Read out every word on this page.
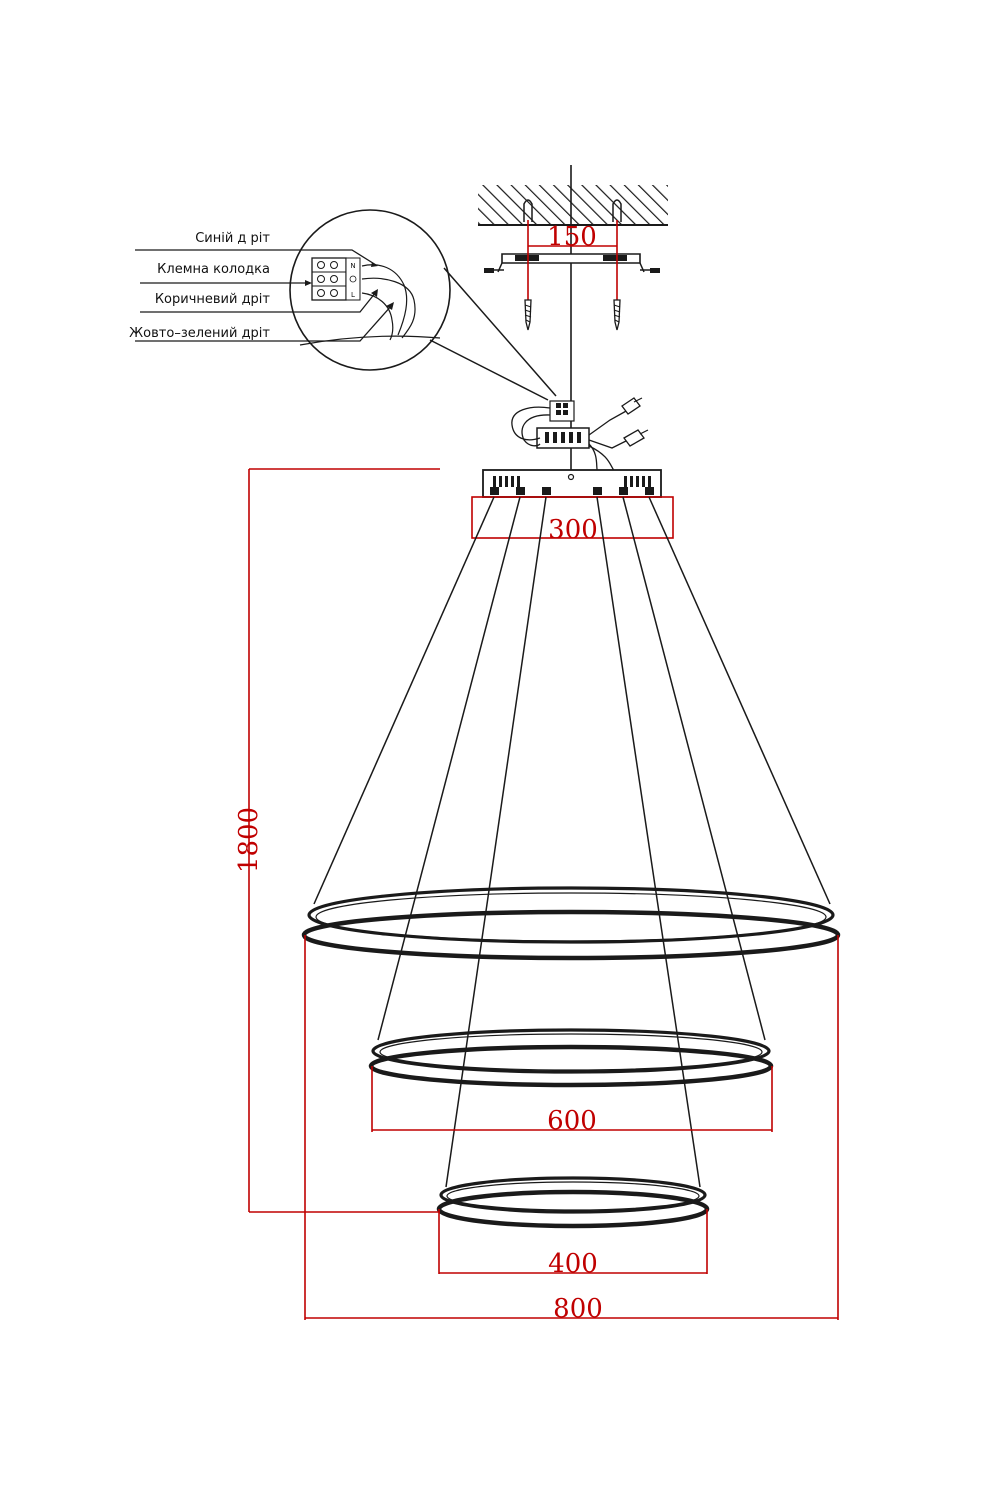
150
N
L
Синій д ріт
Клемна колодка
Коричневий дріт
Жовто–зелений дріт
300
1800
600
400
800
